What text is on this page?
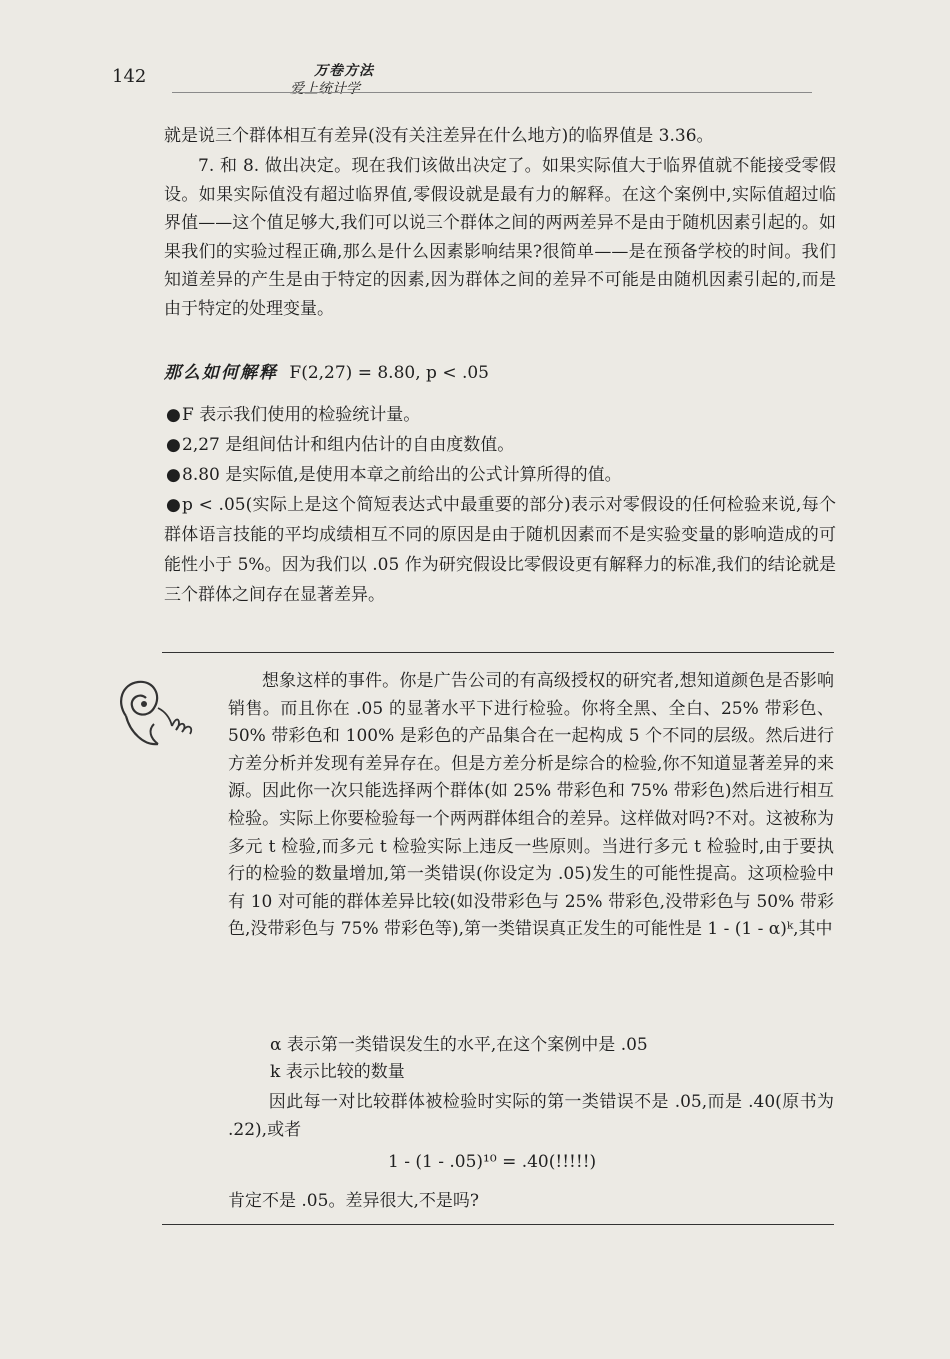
142	万卷方法
爱上统计学
就是说三个群体相互有差异(没有关注差异在什么地方)的临界值是 3.36。
7. 和 8. 做出决定。现在我们该做出决定了。如果实际值大于临界值就不能接受零假设。如果实际值没有超过临界值,零假设就是最有力的解释。在这个案例中,实际值超过临界值——这个值足够大,我们可以说三个群体之间的两两差异不是由于随机因素引起的。如果我们的实验过程正确,那么是什么因素影响结果?很简单——是在预备学校的时间。我们知道差异的产生是由于特定的因素,因为群体之间的差异不可能是由随机因素引起的,而是由于特定的处理变量。
那么如何解释 F(2,27) = 8.80, p < .05
●F 表示我们使用的检验统计量。
●2,27 是组间估计和组内估计的自由度数值。
●8.80 是实际值,是使用本章之前给出的公式计算所得的值。
●p < .05(实际上是这个简短表达式中最重要的部分)表示对零假设的任何检验来说,每个群体语言技能的平均成绩相互不同的原因是由于随机因素而不是实验变量的影响造成的可能性小于 5%。因为我们以 .05 作为研究假设比零假设更有解释力的标准,我们的结论就是三个群体之间存在显著差异。
想象这样的事件。你是广告公司的有高级授权的研究者,想知道颜色是否影响销售。而且你在 .05 的显著水平下进行检验。你将全黑、全白、25% 带彩色、50% 带彩色和 100% 是彩色的产品集合在一起构成 5 个不同的层级。然后进行方差分析并发现有差异存在。但是方差分析是综合的检验,你不知道显著差异的来源。因此你一次只能选择两个群体(如 25% 带彩色和 75% 带彩色)然后进行相互检验。实际上你要检验每一个两两群体组合的差异。这样做对吗?不对。这被称为多元 t 检验,而多元 t 检验实际上违反一些原则。当进行多元 t 检验时,由于要执行的检验的数量增加,第一类错误(你设定为 .05)发生的可能性提高。这项检验中有 10 对可能的群体差异比较(如没带彩色与 25% 带彩色,没带彩色与 50% 带彩色,没带彩色与 75% 带彩色等),第一类错误真正发生的可能性是 1 - (1 - α)ᵏ,其中
α 表示第一类错误发生的水平,在这个案例中是 .05
k 表示比较的数量
因此每一对比较群体被检验时实际的第一类错误不是 .05,而是 .40(原书为 .22),或者
1 - (1 - .05)¹⁰ = .40(!!!!!)
肯定不是 .05。差异很大,不是吗?
